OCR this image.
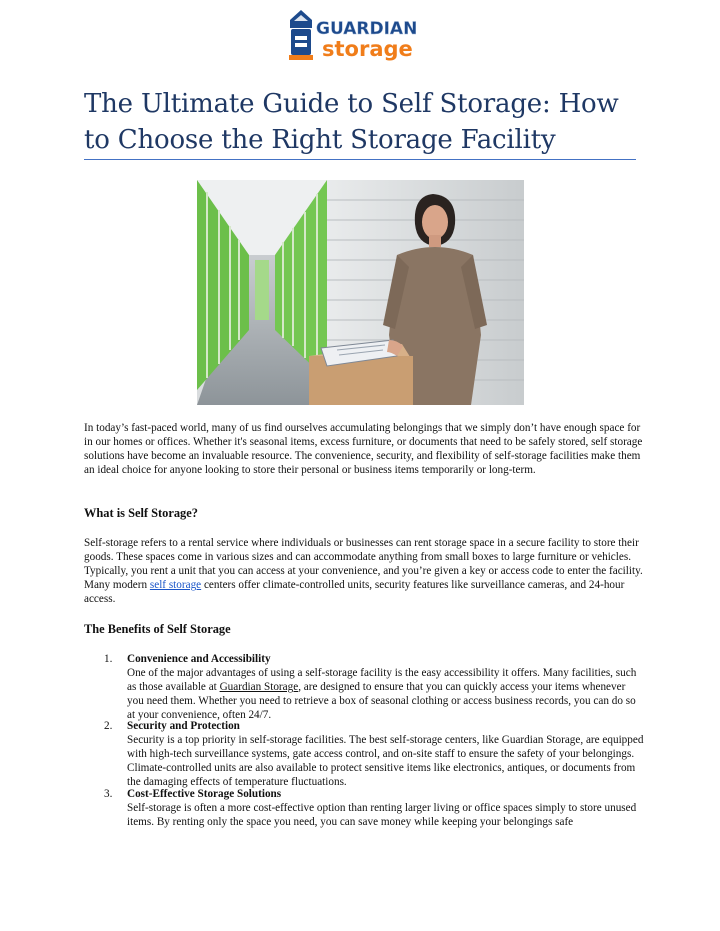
GUARDIAN
storage
The Ultimate Guide to Self Storage: How to Choose the Right Storage Facility

In today’s fast-paced world, many of us find ourselves accumulating belongings that we simply don’t have enough space for in our homes or offices. Whether it's seasonal items, excess furniture, or documents that need to be safely stored, self storage solutions have become an invaluable resource. The convenience, security, and flexibility of self-storage facilities make them an ideal choice for anyone looking to store their personal or business items temporarily or long-term.

What is Self Storage?

Self-storage refers to a rental service where individuals or businesses can rent storage space in a secure facility to store their goods. These spaces come in various sizes and can accommodate anything from small boxes to large furniture or vehicles. Typically, you rent a unit that you can access at your convenience, and you’re given a key or access code to enter the facility. Many modern self storage centers offer climate-controlled units, security features like surveillance cameras, and 24-hour access.

The Benefits of Self Storage
1.	Convenience and Accessibility

One of the major advantages of using a self-storage facility is the easy accessibility it offers. Many facilities, such as those available at Guardian Storage, are designed to ensure that you can quickly access your items whenever you need them. Whether you need to retrieve a box of seasonal clothing or access business records, you can do so at your convenience, often 24/7.

2.	Security and Protection

Security is a top priority in self-storage facilities. The best self-storage centers, like Guardian Storage, are equipped with high-tech surveillance systems, gate access control, and on-site staff to ensure the safety of your belongings. Climate-controlled units are also available to protect sensitive items like electronics, antiques, or documents from the damaging effects of temperature fluctuations.

3.	Cost-Effective Storage Solutions

Self-storage is often a more cost-effective option than renting larger living or office spaces simply to store unused items. By renting only the space you need, you can save money while keeping your belongings safe
